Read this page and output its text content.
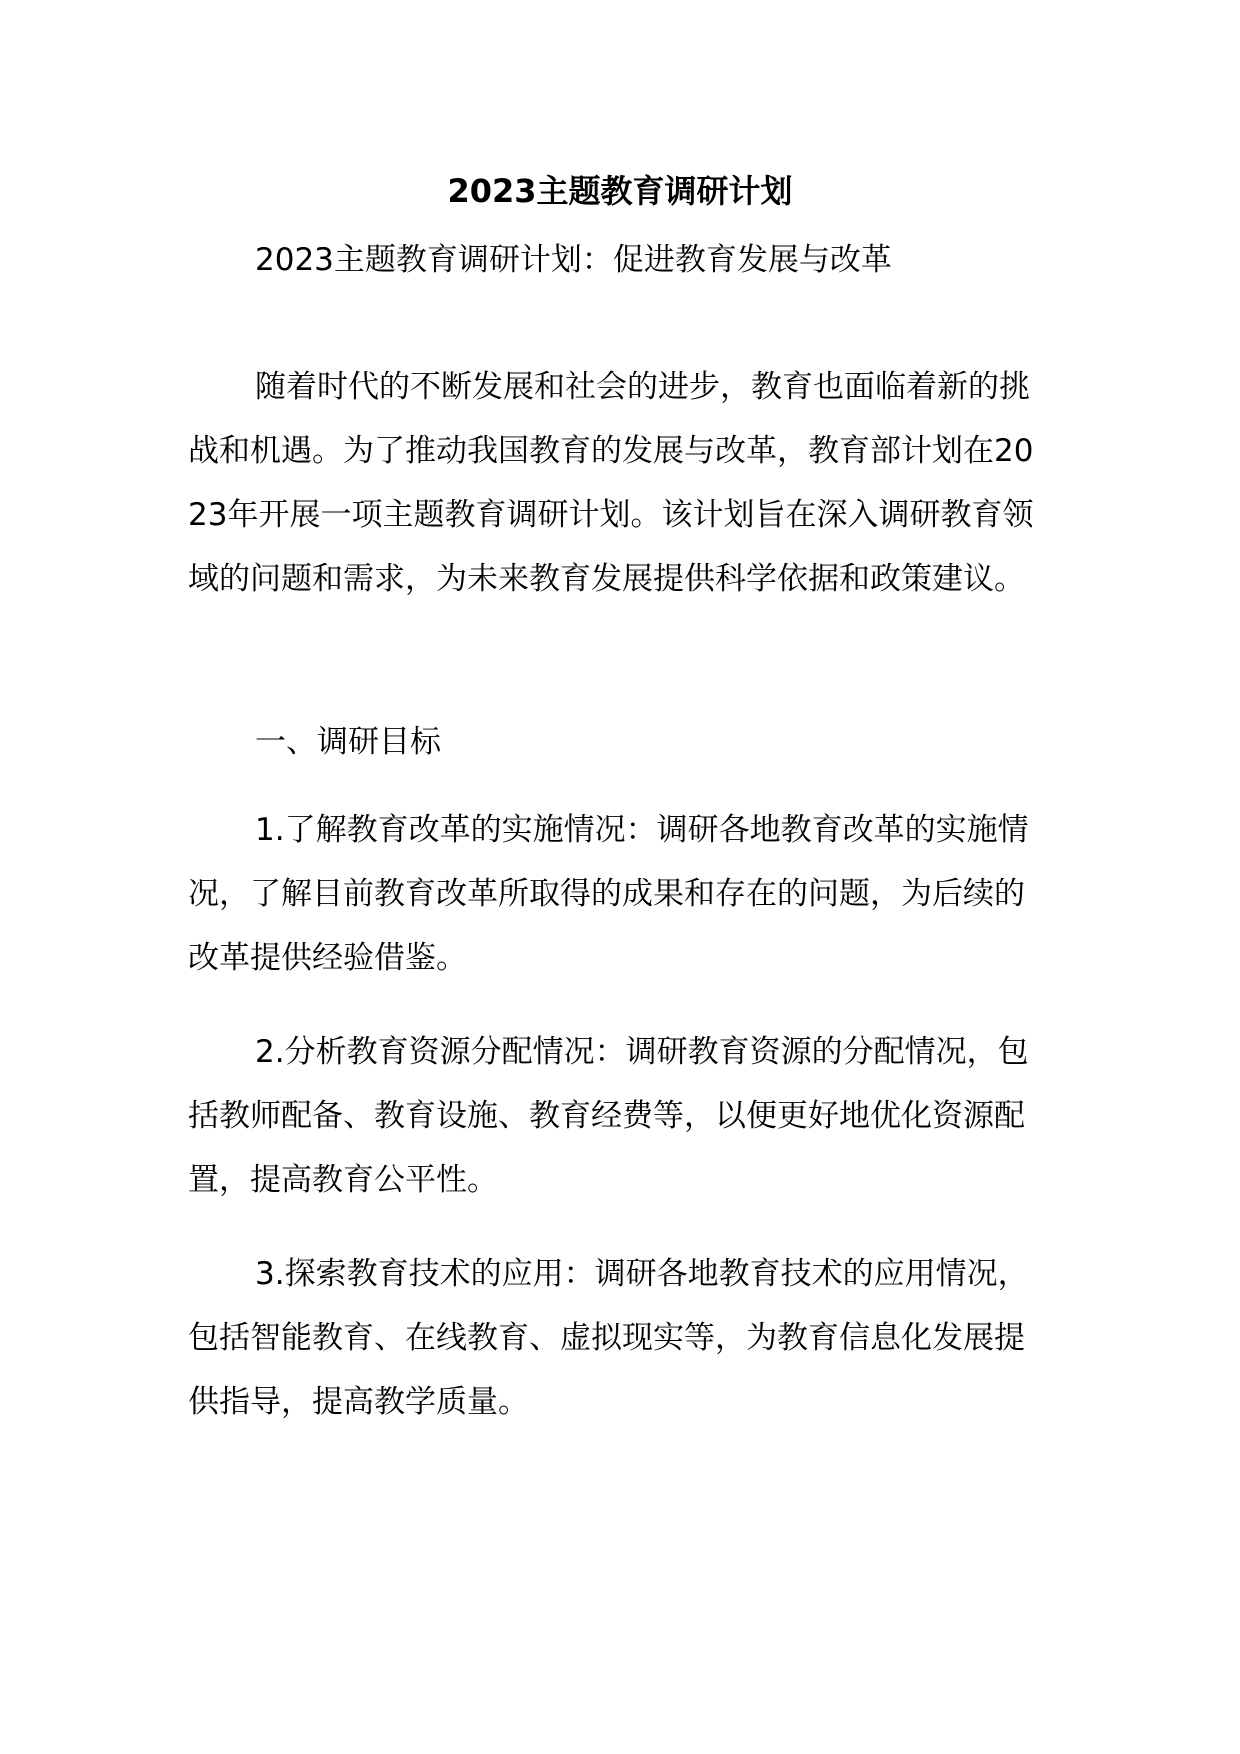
2023主题教育调研计划

2023主题教育调研计划：促进教育发展与改革

随着时代的不断发展和社会的进步，教育也面临着新的挑战和机遇。为了推动我国教育的发展与改革，教育部计划在2023年开展一项主题教育调研计划。该计划旨在深入调研教育领域的问题和需求，为未来教育发展提供科学依据和政策建议。

一、调研目标

1.了解教育改革的实施情况：调研各地教育改革的实施情况，了解目前教育改革所取得的成果和存在的问题，为后续的改革提供经验借鉴。

2.分析教育资源分配情况：调研教育资源的分配情况，包括教师配备、教育设施、教育经费等，以便更好地优化资源配置，提高教育公平性。

3.探索教育技术的应用：调研各地教育技术的应用情况，包括智能教育、在线教育、虚拟现实等，为教育信息化发展提供指导，提高教学质量。
